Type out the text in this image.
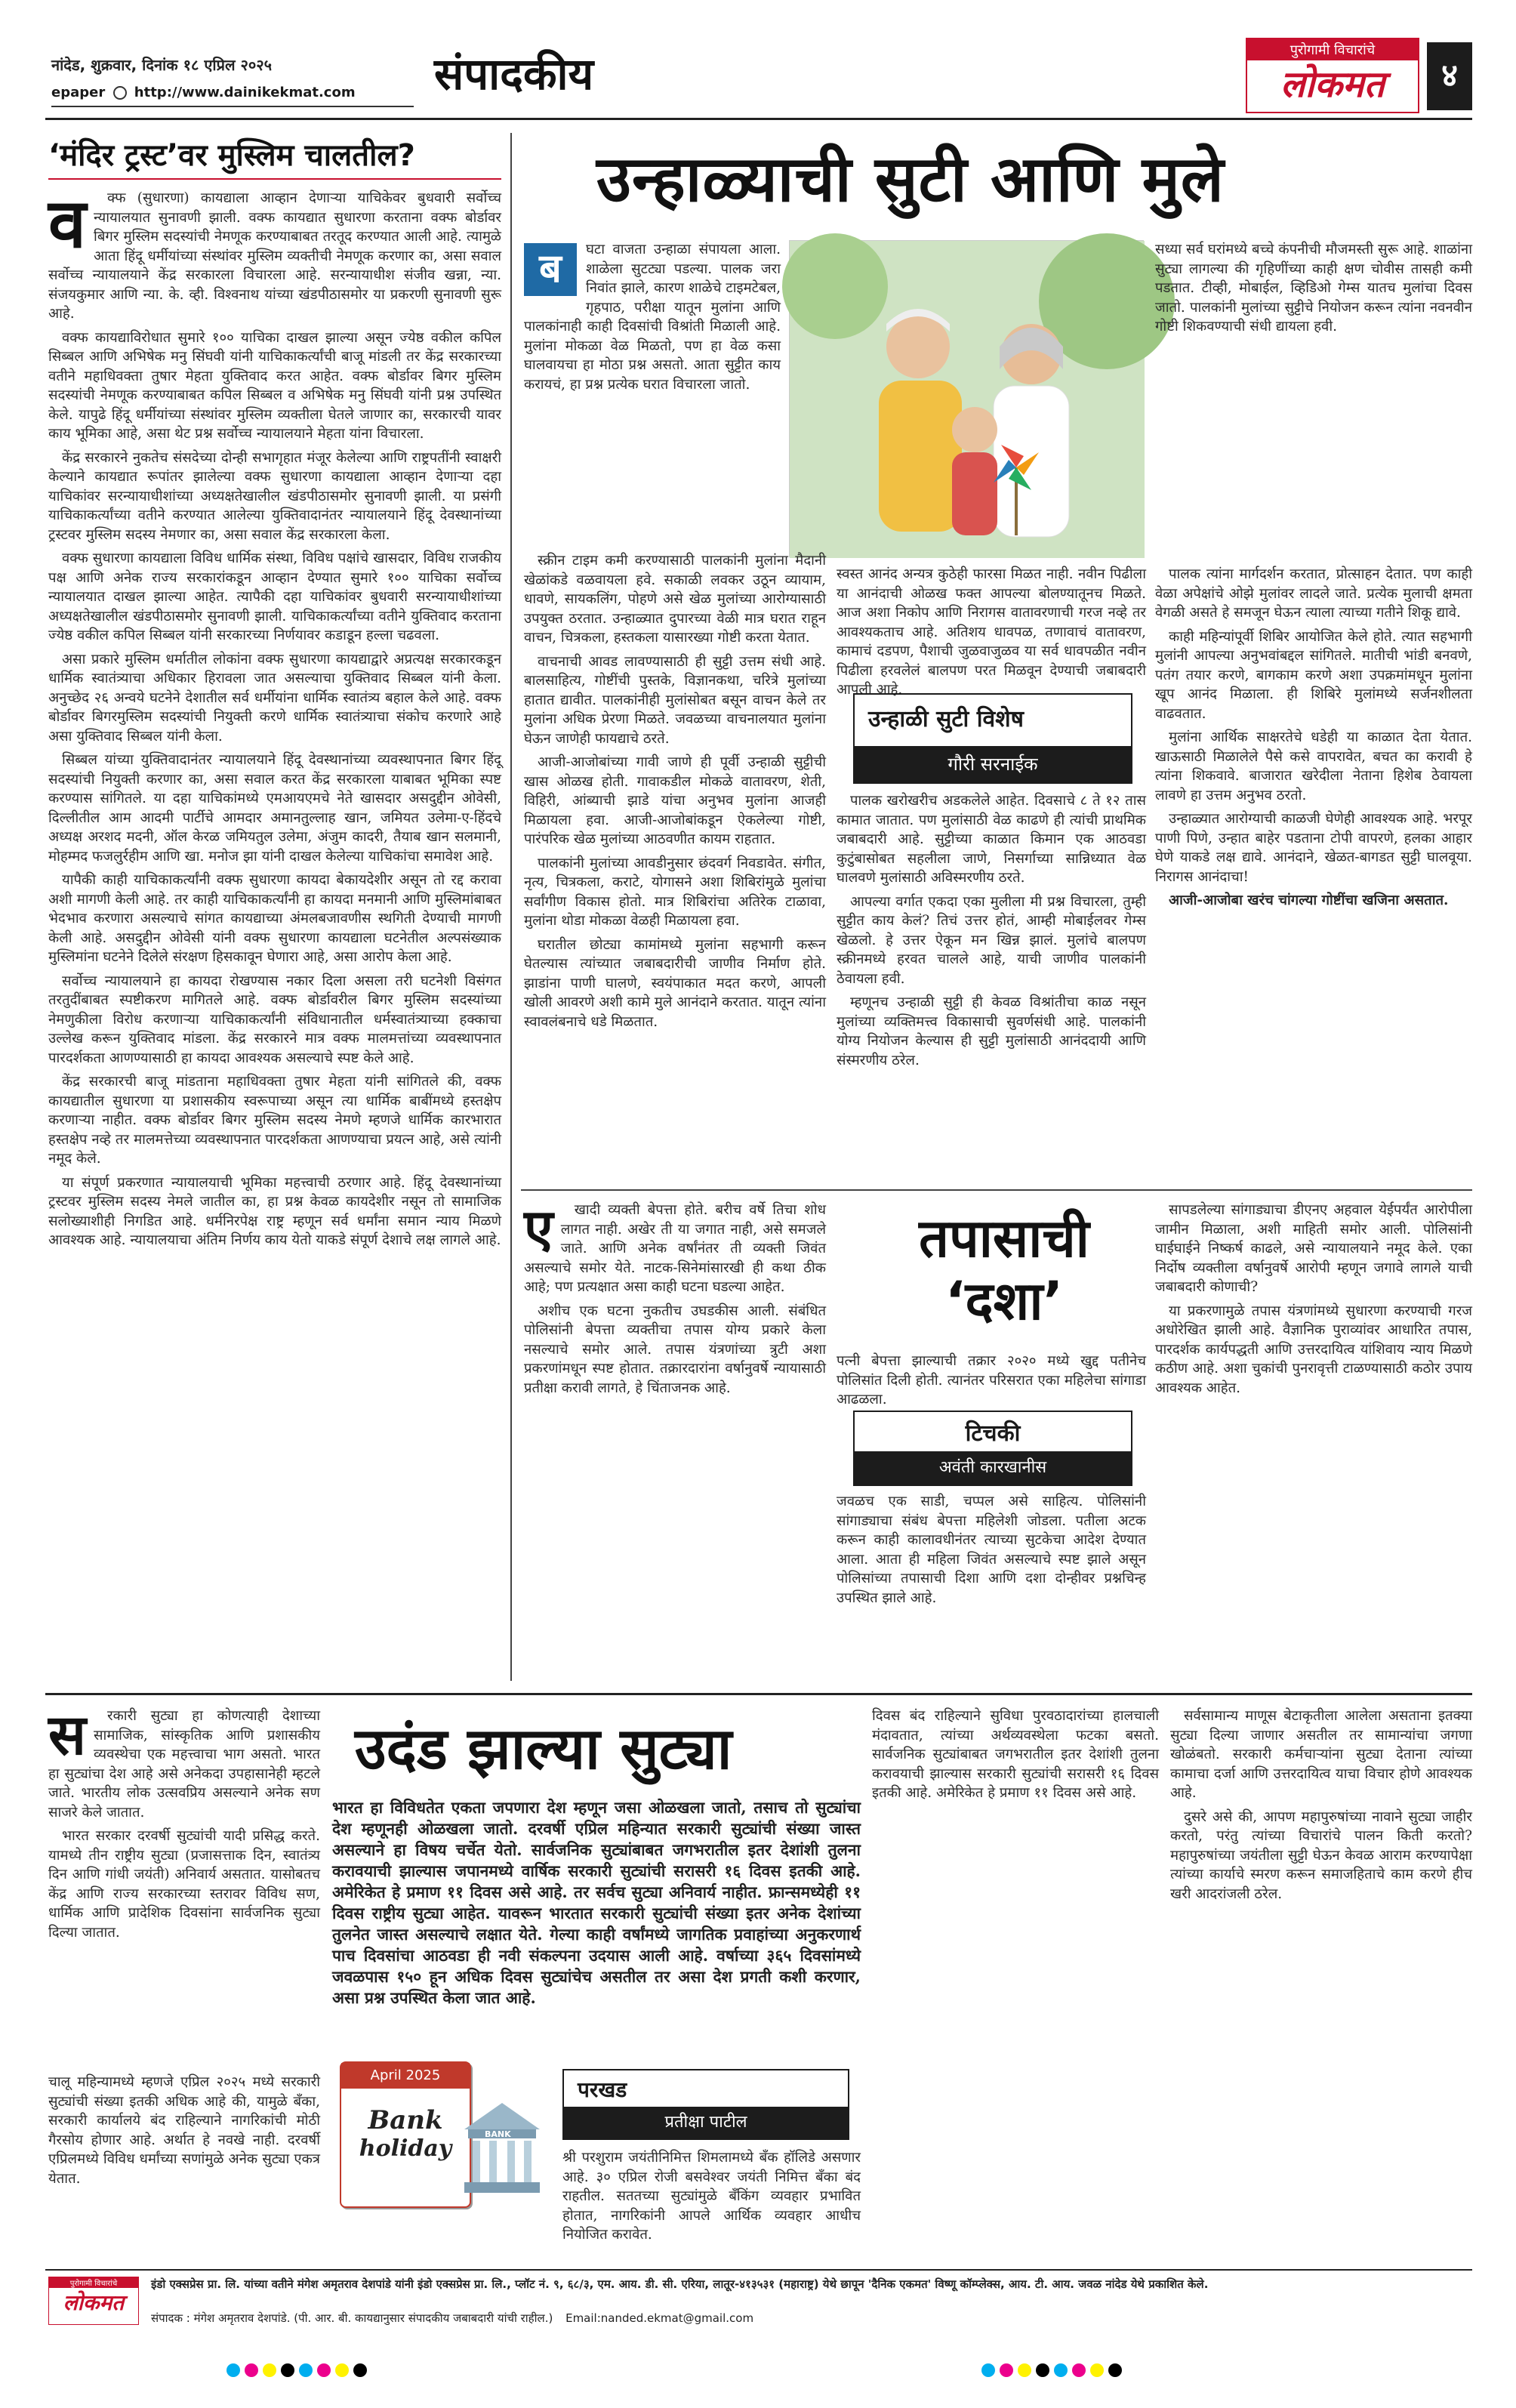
नांदेड, शुक्रवार, दिनांक १८ एप्रिल २०२५
epaper http://www.dainikekmat.com संपादकीय	पुरोगामी विचारांचे
लोकमत	४
‘मंदिर ट्रस्ट’वर मुस्लिम चालतील?
व	क्फ (सुधारणा) कायद्याला आव्हान देणाऱ्या याचिकेवर बुधवारी सर्वोच्च न्यायालयात सुनावणी झाली. वक्फ कायद्यात सुधारणा करताना वक्फ बोर्डावर बिगर मुस्लिम सदस्यांची नेमणूक करण्याबाबत तरतूद करण्यात आली आहे. त्यामुळे आता हिंदू धर्मीयांच्या संस्थांवर मुस्लिम व्यक्तीची नेमणूक करणार का, असा सवाल सर्वोच्च न्यायालयाने केंद्र सरकारला विचारला आहे. सरन्यायाधीश संजीव खन्ना, न्या. संजयकुमार आणि न्या. के. व्ही. विश्वनाथ यांच्या खंडपीठासमोर या प्रकरणी सुनावणी सुरू आहे.

वक्फ कायद्याविरोधात सुमारे १०० याचिका दाखल झाल्या असून ज्येष्ठ वकील कपिल सिब्बल आणि अभिषेक मनु सिंघवी यांनी याचिकाकर्त्यांची बाजू मांडली तर केंद्र सरकारच्या वतीने महाधिवक्ता तुषार मेहता युक्तिवाद करत आहेत. वक्फ बोर्डावर बिगर मुस्लिम सदस्यांची नेमणूक करण्याबाबत कपिल सिब्बल व अभिषेक मनु सिंघवी यांनी प्रश्न उपस्थित केले. यापुढे हिंदू धर्मीयांच्या संस्थांवर मुस्लिम व्यक्तीला घेतले जाणार का, सरकारची यावर काय भूमिका आहे, असा थेट प्रश्न सर्वोच्च न्यायालयाने मेहता यांना विचारला.

केंद्र सरकारने नुकतेच संसदेच्या दोन्ही सभागृहात मंजूर केलेल्या आणि राष्ट्रपतींनी स्वाक्षरी केल्याने कायद्यात रूपांतर झालेल्या वक्फ सुधारणा कायद्याला आव्हान देणाऱ्या दहा याचिकांवर सरन्यायाधीशांच्या अध्यक्षतेखालील खंडपीठासमोर सुनावणी झाली. या प्रसंगी याचिकाकर्त्यांच्या वतीने करण्यात आलेल्या युक्तिवादानंतर न्यायालयाने हिंदू देवस्थानांच्या ट्रस्टवर मुस्लिम सदस्य नेमणार का, असा सवाल केंद्र सरकारला केला.

वक्फ सुधारणा कायद्याला विविध धार्मिक संस्था, विविध पक्षांचे खासदार, विविध राजकीय पक्ष आणि अनेक राज्य सरकारांकडून आव्हान देण्यात सुमारे १०० याचिका सर्वोच्च न्यायालयात दाखल झाल्या आहेत. त्यापैकी दहा याचिकांवर बुधवारी सरन्यायाधीशांच्या अध्यक्षतेखालील खंडपीठासमोर सुनावणी झाली. याचिकाकर्त्यांच्या वतीने युक्तिवाद करताना ज्येष्ठ वकील कपिल सिब्बल यांनी सरकारच्या निर्णयावर कडाडून हल्ला चढवला.

असा प्रकारे मुस्लिम धर्मातील लोकांना वक्फ सुधारणा कायद्याद्वारे अप्रत्यक्ष सरकारकडून धार्मिक स्वातंत्र्याचा अधिकार हिरावला जात असल्याचा युक्तिवाद सिब्बल यांनी केला. अनुच्छेद २६ अन्वये घटनेने देशातील सर्व धर्मीयांना धार्मिक स्वातंत्र्य बहाल केले आहे. वक्फ बोर्डावर बिगरमुस्लिम सदस्यांची नियुक्ती करणे धार्मिक स्वातंत्र्याचा संकोच करणारे आहे असा युक्तिवाद सिब्बल यांनी केला.

सिब्बल यांच्या युक्तिवादानंतर न्यायालयाने हिंदू देवस्थानांच्या व्यवस्थापनात बिगर हिंदू सदस्यांची नियुक्ती करणार का, असा सवाल करत केंद्र सरकारला याबाबत भूमिका स्पष्ट करण्यास सांगितले. या दहा याचिकांमध्ये एमआयएमचे नेते खासदार असदुद्दीन ओवेसी, दिल्लीतील आम आदमी पार्टीचे आमदार अमानतुल्लाह खान, जमियत उलेमा-ए-हिंदचे अध्यक्ष अरशद मदनी, ऑल केरळ जमियतुल उलेमा, अंजुम कादरी, तैयाब खान सलमानी, मोहम्मद फजलुर्रहीम आणि खा. मनोज झा यांनी दाखल केलेल्या याचिकांचा समावेश आहे.

यापैकी काही याचिकाकर्त्यांनी वक्फ सुधारणा कायदा बेकायदेशीर असून तो रद्द करावा अशी मागणी केली आहे. तर काही याचिकाकर्त्यांनी हा कायदा मनमानी आणि मुस्लिमांबाबत भेदभाव करणारा असल्याचे सांगत कायद्याच्या अंमलबजावणीस स्थगिती देण्याची मागणी केली आहे. असदुद्दीन ओवेसी यांनी वक्फ सुधारणा कायद्याला घटनेतील अल्पसंख्याक मुस्लिमांना घटनेने दिलेले संरक्षण हिसकावून घेणारा आहे, असा आरोप केला आहे.

सर्वोच्च न्यायालयाने हा कायदा रोखण्यास नकार दिला असला तरी घटनेशी विसंगत तरतुदींबाबत स्पष्टीकरण मागितले आहे. वक्फ बोर्डावरील बिगर मुस्लिम सदस्यांच्या नेमणुकीला विरोध करणाऱ्या याचिकाकर्त्यांनी संविधानातील धर्मस्वातंत्र्याच्या हक्काचा उल्लेख करून युक्तिवाद मांडला. केंद्र सरकारने मात्र वक्फ मालमत्तांच्या व्यवस्थापनात पारदर्शकता आणण्यासाठी हा कायदा आवश्यक असल्याचे स्पष्ट केले आहे.

केंद्र सरकारची बाजू मांडताना महाधिवक्ता तुषार मेहता यांनी सांगितले की, वक्फ कायद्यातील सुधारणा या प्रशासकीय स्वरूपाच्या असून त्या धार्मिक बाबींमध्ये हस्तक्षेप करणाऱ्या नाहीत. वक्फ बोर्डावर बिगर मुस्लिम सदस्य नेमणे म्हणजे धार्मिक कारभारात हस्तक्षेप नव्हे तर मालमत्तेच्या व्यवस्थापनात पारदर्शकता आणण्याचा प्रयत्न आहे, असे त्यांनी नमूद केले.

या संपूर्ण प्रकरणात न्यायालयाची भूमिका महत्त्वाची ठरणार आहे. हिंदू देवस्थानांच्या ट्रस्टवर मुस्लिम सदस्य नेमले जातील का, हा प्रश्न केवळ कायदेशीर नसून तो सामाजिक सलोख्याशीही निगडित आहे. धर्मनिरपेक्ष राष्ट्र म्हणून सर्व धर्मांना समान न्याय मिळणे आवश्यक आहे. न्यायालयाचा अंतिम निर्णय काय येतो याकडे संपूर्ण देशाचे लक्ष लागले आहे.

उन्हाळ्याची सुटी आणि मुले
ब	घटा वाजता उन्हाळा संपायला आला. शाळेला सुटट्या पडल्या. पालक जरा निवांत झाले, कारण शाळेचे टाइमटेबल, गृहपाठ, परीक्षा यातून मुलांना आणि पालकांनाही काही दिवसांची विश्रांती मिळाली आहे. मुलांना मोकळा वेळ मिळतो, पण हा वेळ कसा घालवायचा हा मोठा प्रश्न असतो. आता सुट्टीत काय करायचं, हा प्रश्न प्रत्येक घरात विचारला जातो.
सध्या सर्व घरांमध्ये बच्चे कंपनीची मौजमस्ती सुरू आहे. शाळांना सुट्या लागल्या की गृहिणींच्या काही क्षण चोवीस तासही कमी पडतात. टीव्ही, मोबाईल, व्हिडिओ गेम्स यातच मुलांचा दिवस जातो. पालकांनी मुलांच्या सुट्टीचे नियोजन करून त्यांना नवनवीन गोष्टी शिकवण्याची संधी द्यायला हवी.

स्क्रीन टाइम कमी करण्यासाठी पालकांनी मुलांना मैदानी खेळांकडे वळवायला हवे. सकाळी लवकर उठून व्यायाम, धावणे, सायकलिंग, पोहणे असे खेळ मुलांच्या आरोग्यासाठी उपयुक्त ठरतात. उन्हाळ्यात दुपारच्या वेळी मात्र घरात राहून वाचन, चित्रकला, हस्तकला यासारख्या गोष्टी करता येतात.

वाचनाची आवड लावण्यासाठी ही सुट्टी उत्तम संधी आहे. बालसाहित्य, गोष्टींची पुस्तके, विज्ञानकथा, चरित्रे मुलांच्या हातात द्यावीत. पालकांनीही मुलांसोबत बसून वाचन केले तर मुलांना अधिक प्रेरणा मिळते. जवळच्या वाचनालयात मुलांना घेऊन जाणेही फायद्याचे ठरते.

आजी-आजोबांच्या गावी जाणे ही पूर्वी उन्हाळी सुट्टीची खास ओळख होती. गावाकडील मोकळे वातावरण, शेती, विहिरी, आंब्याची झाडे यांचा अनुभव मुलांना आजही मिळायला हवा. आजी-आजोबांकडून ऐकलेल्या गोष्टी, पारंपरिक खेळ मुलांच्या आठवणीत कायम राहतात.

पालकांनी मुलांच्या आवडीनुसार छंदवर्ग निवडावेत. संगीत, नृत्य, चित्रकला, कराटे, योगासने अशा शिबिरांमुळे मुलांचा सर्वांगीण विकास होतो. मात्र शिबिरांचा अतिरेक टाळावा, मुलांना थोडा मोकळा वेळही मिळायला हवा.

घरातील छोट्या कामांमध्ये मुलांना सहभागी करून घेतल्यास त्यांच्यात जबाबदारीची जाणीव निर्माण होते. झाडांना पाणी घालणे, स्वयंपाकात मदत करणे, आपली खोली आवरणे अशी कामे मुले आनंदाने करतात. यातून त्यांना स्वावलंबनाचे धडे मिळतात.

स्वस्त आनंद अन्यत्र कुठेही फारसा मिळत नाही. नवीन पिढीला या आनंदाची ओळख फक्त आपल्या बोलण्यातूनच मिळते. आज अशा निकोप आणि निरागस वातावरणाची गरज नव्हे तर आवश्यकताच आहे. अतिशय धावपळ, तणावाचं वातावरण, कामाचं दडपण, पैशाची जुळवाजुळव या सर्व धावपळीत नवीन पिढीला हरवलेलं बालपण परत मिळवून देण्याची जबाबदारी आपली आहे.
उन्हाळी सुटी विशेष
गौरी सरनाईक

पालक खरोखरीच अडकलेले आहेत. दिवसाचे ८ ते १२ तास कामात जातात. पण मुलांसाठी वेळ काढणे ही त्यांची प्राथमिक जबाबदारी आहे. सुट्टीच्या काळात किमान एक आठवडा कुटुंबासोबत सहलीला जाणे, निसर्गाच्या सान्निध्यात वेळ घालवणे मुलांसाठी अविस्मरणीय ठरते.

आपल्या वर्गात एकदा एका मुलीला मी प्रश्न विचारला, तुम्ही सुट्टीत काय केलं? तिचं उत्तर होतं, आम्ही मोबाईलवर गेम्स खेळलो. हे उत्तर ऐकून मन खिन्न झालं. मुलांचे बालपण स्क्रीनमध्ये हरवत चालले आहे, याची जाणीव पालकांनी ठेवायला हवी.

म्हणूनच उन्हाळी सुट्टी ही केवळ विश्रांतीचा काळ नसून मुलांच्या व्यक्तिमत्त्व विकासाची सुवर्णसंधी आहे. पालकांनी योग्य नियोजन केल्यास ही सुट्टी मुलांसाठी आनंददायी आणि संस्मरणीय ठरेल.

पालक त्यांना मार्गदर्शन करतात, प्रोत्साहन देतात. पण काही वेळा अपेक्षांचे ओझे मुलांवर लादले जाते. प्रत्येक मुलाची क्षमता वेगळी असते हे समजून घेऊन त्याला त्याच्या गतीने शिकू द्यावे.

काही महिन्यांपूर्वी शिबिर आयोजित केले होते. त्यात सहभागी मुलांनी आपल्या अनुभवांबद्दल सांगितले. मातीची भांडी बनवणे, पतंग तयार करणे, बागकाम करणे अशा उपक्रमांमधून मुलांना खूप आनंद मिळाला. ही शिबिरे मुलांमध्ये सर्जनशीलता वाढवतात.

मुलांना आर्थिक साक्षरतेचे धडेही या काळात देता येतात. खाऊसाठी मिळालेले पैसे कसे वापरावेत, बचत का करावी हे त्यांना शिकवावे. बाजारात खरेदीला नेताना हिशेब ठेवायला लावणे हा उत्तम अनुभव ठरतो.

उन्हाळ्यात आरोग्याची काळजी घेणेही आवश्यक आहे. भरपूर पाणी पिणे, उन्हात बाहेर पडताना टोपी वापरणे, हलका आहार घेणे याकडे लक्ष द्यावे. आनंदाने, खेळत-बागडत सुट्टी घालवूया. निरागस आनंदाचा!

आजी-आजोबा खरंच चांगल्या गोष्टींचा खजिना असतात.

ए	खादी व्यक्ती बेपत्ता होते. बरीच वर्षे तिचा शोध लागत नाही. अखेर ती या जगात नाही, असे समजले जाते. आणि अनेक वर्षांनंतर ती व्यक्ती जिवंत असल्याचे समोर येते. नाटक-सिनेमांसारखी ही कथा ठीक आहे; पण प्रत्यक्षात असा काही घटना घडल्या आहेत.

अशीच एक घटना नुकतीच उघडकीस आली. संबंधित पोलिसांनी बेपत्ता व्यक्तीचा तपास योग्य प्रकारे केला नसल्याचे समोर आले. तपास यंत्रणांच्या त्रुटी अशा प्रकरणांमधून स्पष्ट होतात. तक्रारदारांना वर्षानुवर्षे न्यायासाठी प्रतीक्षा करावी लागते, हे चिंताजनक आहे.

तपासाची
‘दशा’
पत्नी बेपत्ता झाल्याची तक्रार २०२० मध्ये खुद्द पतीनेच पोलिसांत दिली होती. त्यानंतर परिसरात एका महिलेचा सांगाडा आढळला.
टिचकी
अवंती कारखानीस
जवळच एक साडी, चप्पल असे साहित्य. पोलिसांनी सांगाड्याचा संबंध बेपत्ता महिलेशी जोडला. पतीला अटक करून काही कालावधीनंतर त्याच्या सुटकेचा आदेश देण्यात आला. आता ही महिला जिवंत असल्याचे स्पष्ट झाले असून पोलिसांच्या तपासाची दिशा आणि दशा दोन्हीवर प्रश्नचिन्ह उपस्थित झाले आहे.

सापडलेल्या सांगाड्याचा डीएनए अहवाल येईपर्यंत आरोपीला जामीन मिळाला, अशी माहिती समोर आली. पोलिसांनी घाईघाईने निष्कर्ष काढले, असे न्यायालयाने नमूद केले. एका निर्दोष व्यक्तीला वर्षानुवर्षे आरोपी म्हणून जगावे लागले याची जबाबदारी कोणाची?

या प्रकरणामुळे तपास यंत्रणांमध्ये सुधारणा करण्याची गरज अधोरेखित झाली आहे. वैज्ञानिक पुराव्यांवर आधारित तपास, पारदर्शक कार्यपद्धती आणि उत्तरदायित्व यांशिवाय न्याय मिळणे कठीण आहे. अशा चुकांची पुनरावृत्ती टाळण्यासाठी कठोर उपाय आवश्यक आहेत.

स	रकारी सुट्या हा कोणत्याही देशाच्या सामाजिक, सांस्कृतिक आणि प्रशासकीय व्यवस्थेचा एक महत्त्वाचा भाग असतो. भारत हा सुट्यांचा देश आहे असे अनेकदा उपहासानेही म्हटले जाते. भारतीय लोक उत्सवप्रिय असल्याने अनेक सण साजरे केले जातात.

भारत सरकार दरवर्षी सुट्यांची यादी प्रसिद्ध करते. यामध्ये तीन राष्ट्रीय सुट्या (प्रजासत्ताक दिन, स्वातंत्र्य दिन आणि गांधी जयंती) अनिवार्य असतात. यासोबतच केंद्र आणि राज्य सरकारच्या स्तरावर विविध सण, धार्मिक आणि प्रादेशिक दिवसांना सार्वजनिक सुट्या दिल्या जातात.

उदंड झाल्या सुट्या
भारत हा विविधतेत एकता जपणारा देश म्हणून जसा ओळखला जातो, तसाच तो सुट्यांचा देश म्हणूनही ओळखला जातो. दरवर्षी एप्रिल महिन्यात सरकारी सुट्यांची संख्या जास्त असल्याने हा विषय चर्चेत येतो. सार्वजनिक सुट्यांबाबत जगभरातील इतर देशांशी तुलना करावयाची झाल्यास जपानमध्ये वार्षिक सरकारी सुट्यांची सरासरी १६ दिवस इतकी आहे. अमेरिकेत हे प्रमाण ११ दिवस असे आहे. तर सर्वच सुट्या अनिवार्य नाहीत. फ्रान्समध्येही ११ दिवस राष्ट्रीय सुट्या आहेत. यावरून भारतात सरकारी सुट्यांची संख्या इतर अनेक देशांच्या तुलनेत जास्त असल्याचे लक्षात येते. गेल्या काही वर्षांमध्ये जागतिक प्रवाहांच्या अनुकरणार्थ पाच दिवसांचा आठवडा ही नवी संकल्पना उदयास आली आहे. वर्षाच्या ३६५ दिवसांमध्ये जवळपास १५० हून अधिक दिवस सुट्यांचेच असतील तर असा देश प्रगती कशी करणार, असा प्रश्न उपस्थित केला जात आहे.
चालू महिन्यामध्ये म्हणजे एप्रिल २०२५ मध्ये सरकारी सुट्यांची संख्या इतकी अधिक आहे की, यामुळे बँका, सरकारी कार्यालये बंद राहिल्याने नागरिकांची मोठी गैरसोय होणार आहे. अर्थात हे नवखे नाही. दरवर्षी एप्रिलमध्ये विविध धर्मांच्या सणांमुळे अनेक सुट्या एकत्र येतात.
April 2025
Bank
holiday
BANK
परखड
प्रतीक्षा पाटील
श्री परशुराम जयंतीनिमित्त शिमलामध्ये बँक हॉलिडे असणार आहे. ३० एप्रिल रोजी बसवेश्वर जयंती निमित्त बँका बंद राहतील. सततच्या सुट्यांमुळे बँकिंग व्यवहार प्रभावित होतात, नागरिकांनी आपले आर्थिक व्यवहार आधीच नियोजित करावेत.
दिवस बंद राहिल्याने सुविधा पुरवठादारांच्या हालचाली मंदावतात, त्यांच्या अर्थव्यवस्थेला फटका बसतो. सार्वजनिक सुट्यांबाबत जगभरातील इतर देशांशी तुलना करावयाची झाल्यास सरकारी सुट्यांची सरासरी १६ दिवस इतकी आहे. अमेरिकेत हे प्रमाण ११ दिवस असे आहे.

सर्वसामान्य माणूस बेटाकृतीला आलेला असताना इतक्या सुट्या दिल्या जाणार असतील तर सामान्यांचा जगणा खोळंबतो. सरकारी कर्मचाऱ्यांना सुट्या देताना त्यांच्या कामाचा दर्जा आणि उत्तरदायित्व याचा विचार होणे आवश्यक आहे.

दुसरे असे की, आपण महापुरुषांच्या नावाने सुट्या जाहीर करतो, परंतु त्यांच्या विचारांचे पालन किती करतो? महापुरुषांच्या जयंतीला सुट्टी घेऊन केवळ आराम करण्यापेक्षा त्यांच्या कार्याचे स्मरण करून समाजहिताचे काम करणे हीच खरी आदरांजली ठरेल.

पुरोगामी विचारांचे
लोकमत
इंडो एक्सप्रेस प्रा. लि. यांच्या वतीने मंगेश अमृतराव देशपांडे यांनी इंडो एक्सप्रेस प्रा. लि., प्लॉट नं. ९, ६८/३, एम. आय. डी. सी. एरिया, लातूर-४१३५३१ (महाराष्ट्र) येथे छापून 'दैनिक एकमत' विष्णू कॉम्प्लेक्स, आय. टी. आय. जवळ नांदेड येथे प्रकाशित केले.
संपादक : मंगेश अमृतराव देशपांडे. (पी. आर. बी. कायद्यानुसार संपादकीय जबाबदारी यांची राहील.) Email:nanded.ekmat@gmail.com
